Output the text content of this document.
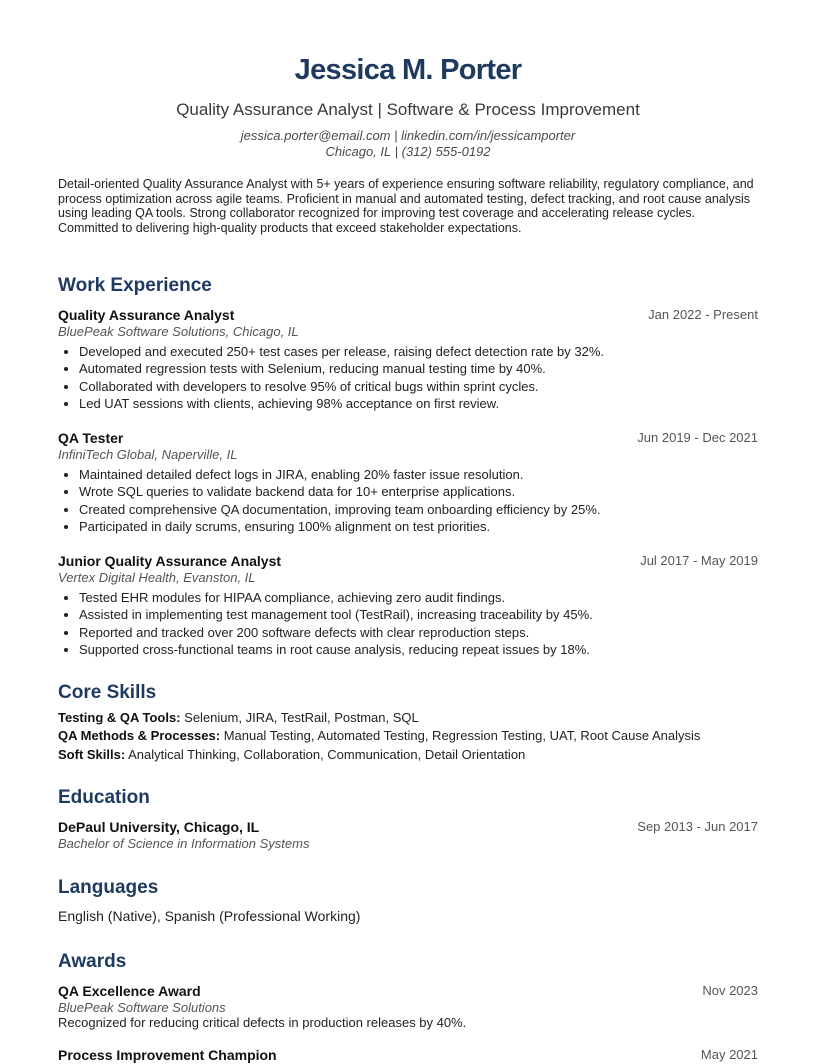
Jessica M. Porter
Quality Assurance Analyst | Software & Process Improvement
jessica.porter@email.com | linkedin.com/in/jessicamporter
Chicago, IL | (312) 555-0192
Detail-oriented Quality Assurance Analyst with 5+ years of experience ensuring software reliability, regulatory compliance, and process optimization across agile teams. Proficient in manual and automated testing, defect tracking, and root cause analysis using leading QA tools. Strong collaborator recognized for improving test coverage and accelerating release cycles. Committed to delivering high-quality products that exceed stakeholder expectations.
Work Experience
Quality Assurance Analyst	Jan 2022 - Present
BluePeak Software Solutions, Chicago, IL
• Developed and executed 250+ test cases per release, raising defect detection rate by 32%.
• Automated regression tests with Selenium, reducing manual testing time by 40%.
• Collaborated with developers to resolve 95% of critical bugs within sprint cycles.
• Led UAT sessions with clients, achieving 98% acceptance on first review.
QA Tester	Jun 2019 - Dec 2021
InfiniTech Global, Naperville, IL
• Maintained detailed defect logs in JIRA, enabling 20% faster issue resolution.
• Wrote SQL queries to validate backend data for 10+ enterprise applications.
• Created comprehensive QA documentation, improving team onboarding efficiency by 25%.
• Participated in daily scrums, ensuring 100% alignment on test priorities.
Junior Quality Assurance Analyst	Jul 2017 - May 2019
Vertex Digital Health, Evanston, IL
• Tested EHR modules for HIPAA compliance, achieving zero audit findings.
• Assisted in implementing test management tool (TestRail), increasing traceability by 45%.
• Reported and tracked over 200 software defects with clear reproduction steps.
• Supported cross-functional teams in root cause analysis, reducing repeat issues by 18%.
Core Skills
Testing & QA Tools: Selenium, JIRA, TestRail, Postman, SQL
QA Methods & Processes: Manual Testing, Automated Testing, Regression Testing, UAT, Root Cause Analysis
Soft Skills: Analytical Thinking, Collaboration, Communication, Detail Orientation
Education
DePaul University, Chicago, IL	Sep 2013 - Jun 2017
Bachelor of Science in Information Systems
Languages
English (Native), Spanish (Professional Working)
Awards
QA Excellence Award	Nov 2023
BluePeak Software Solutions
Recognized for reducing critical defects in production releases by 40%.
Process Improvement Champion	May 2021
